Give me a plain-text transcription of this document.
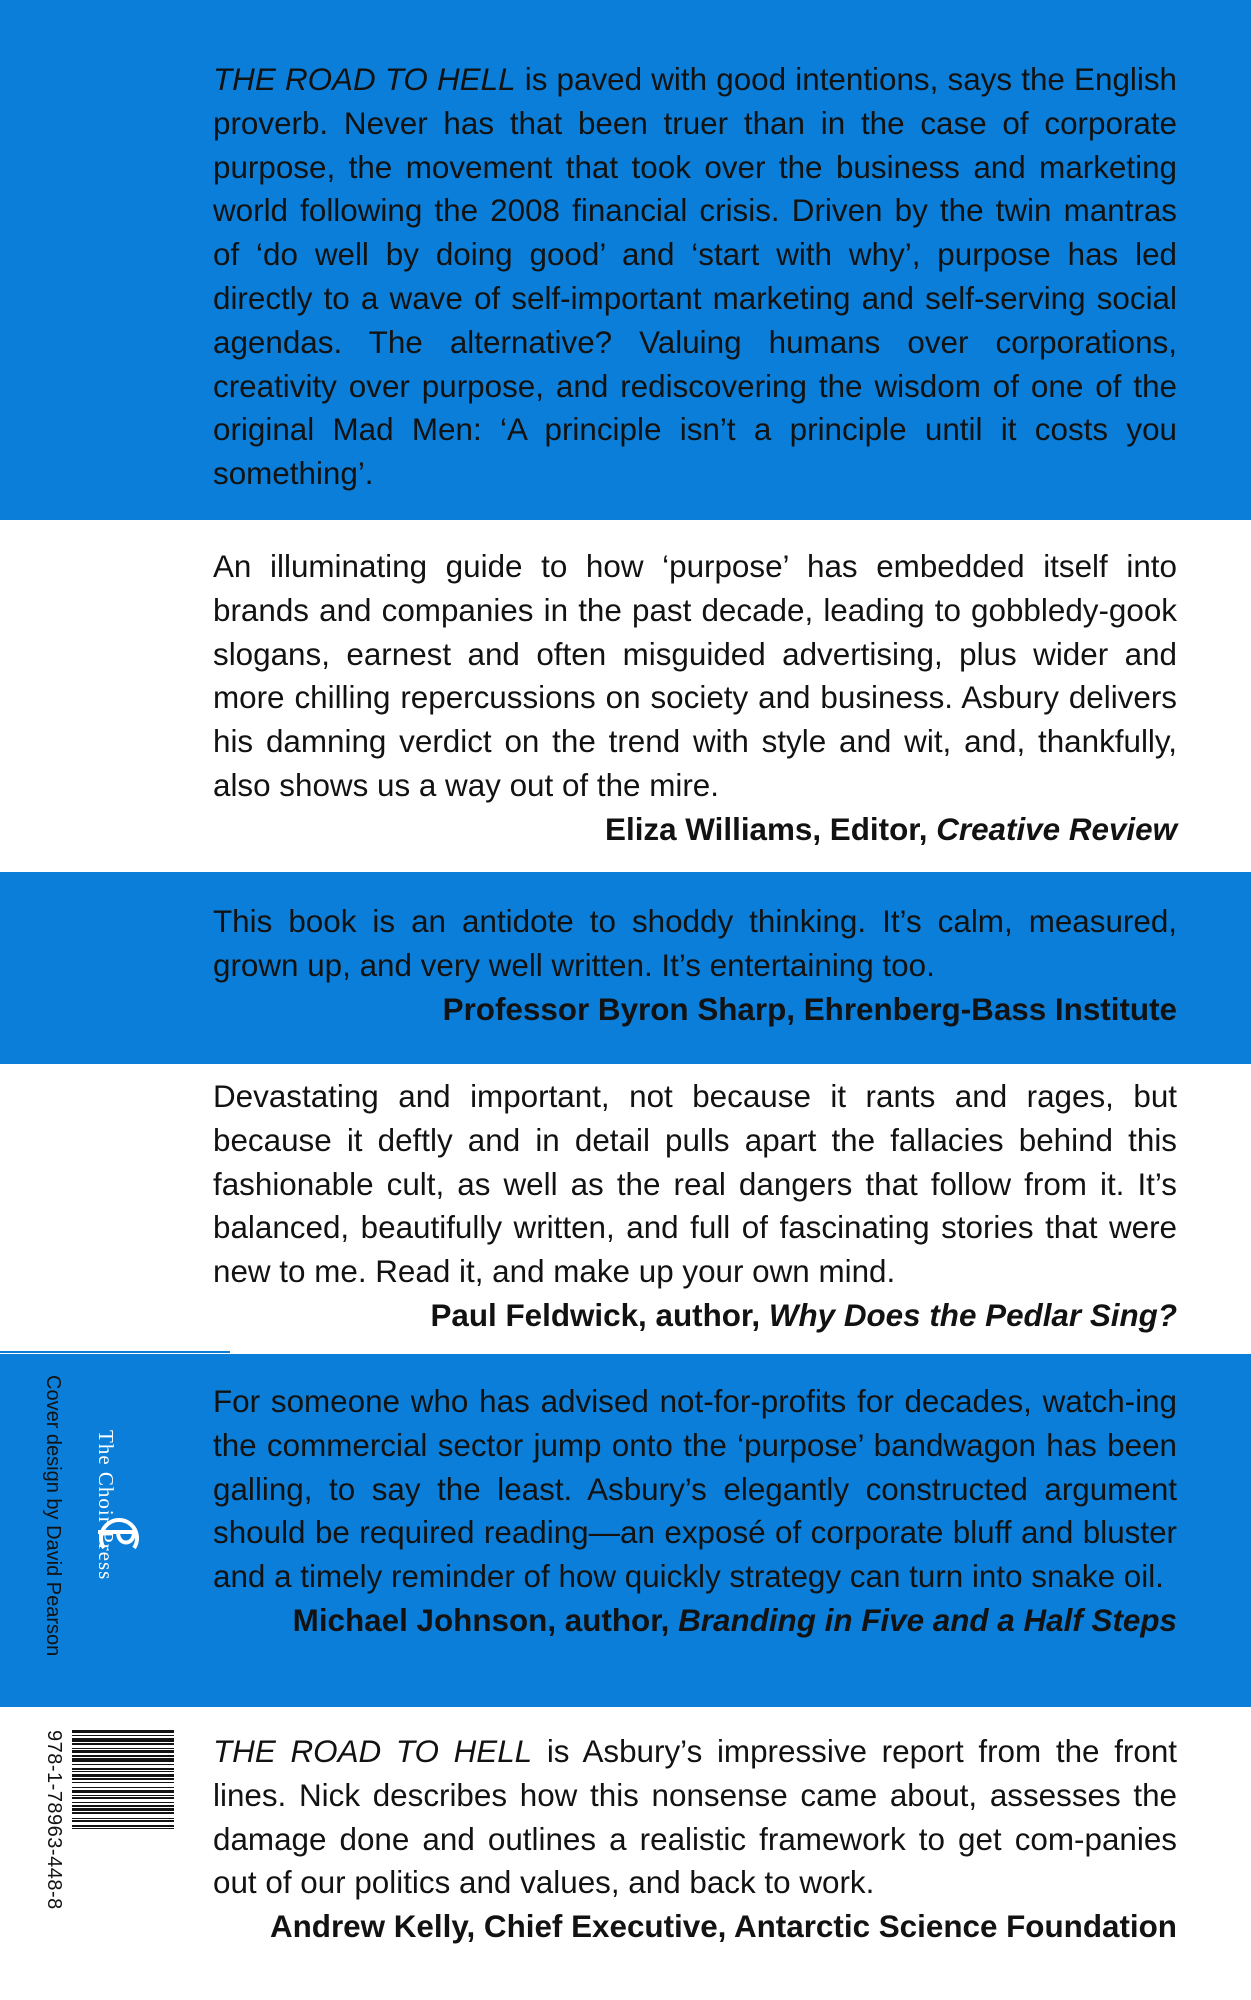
THE ROAD TO HELL is paved with good intentions, says the English proverb. Never has that been truer than in the case of corporate purpose, the movement that took over the business and marketing world following the 2008 financial crisis. Driven by the twin mantras of ‘do well by doing good’ and ‘start with why’, purpose has led directly to a wave of self-important marketing and self-serving social agendas. The alternative? Valuing humans over corporations, creativity over purpose, and rediscovering the wisdom of one of the original Mad Men: ‘A principle isn’t a principle until it costs you something’.

An illuminating guide to how ‘purpose’ has embedded itself into brands and companies in the past decade, leading to gobbledy-gook slogans, earnest and often misguided advertising, plus wider and more chilling repercussions on society and business. Asbury delivers his damning verdict on the trend with style and wit, and, thankfully, also shows us a way out of the mire.

Eliza Williams, Editor, Creative Review

This book is an antidote to shoddy thinking. It’s calm, measured, grown up, and very well written. It’s entertaining too.

Professor Byron Sharp, Ehrenberg-Bass Institute

Devastating and important, not because it rants and rages, but because it deftly and in detail pulls apart the fallacies behind this fashionable cult, as well as the real dangers that follow from it. It’s balanced, beautifully written, and full of fascinating stories that were new to me. Read it, and make up your own mind.

Paul Feldwick, author, Why Does the Pedlar Sing?

For someone who has advised not-for-profits for decades, watch-ing the commercial sector jump onto the ‘purpose’ bandwagon has been galling, to say the least. Asbury’s elegantly constructed argument should be required reading—an exposé of corporate bluff and bluster and a timely reminder of how quickly strategy can turn into snake oil.

Michael Johnson, author, Branding in Five and a Half Steps

THE ROAD TO HELL is Asbury’s impressive report from the front lines. Nick describes how this nonsense came about, assesses the damage done and outlines a realistic framework to get com-panies out of our politics and values, and back to work.

Andrew Kelly, Chief Executive, Antarctic Science Foundation
Cover design by David Pearson The Choir Press
978-1-78963-448-8
